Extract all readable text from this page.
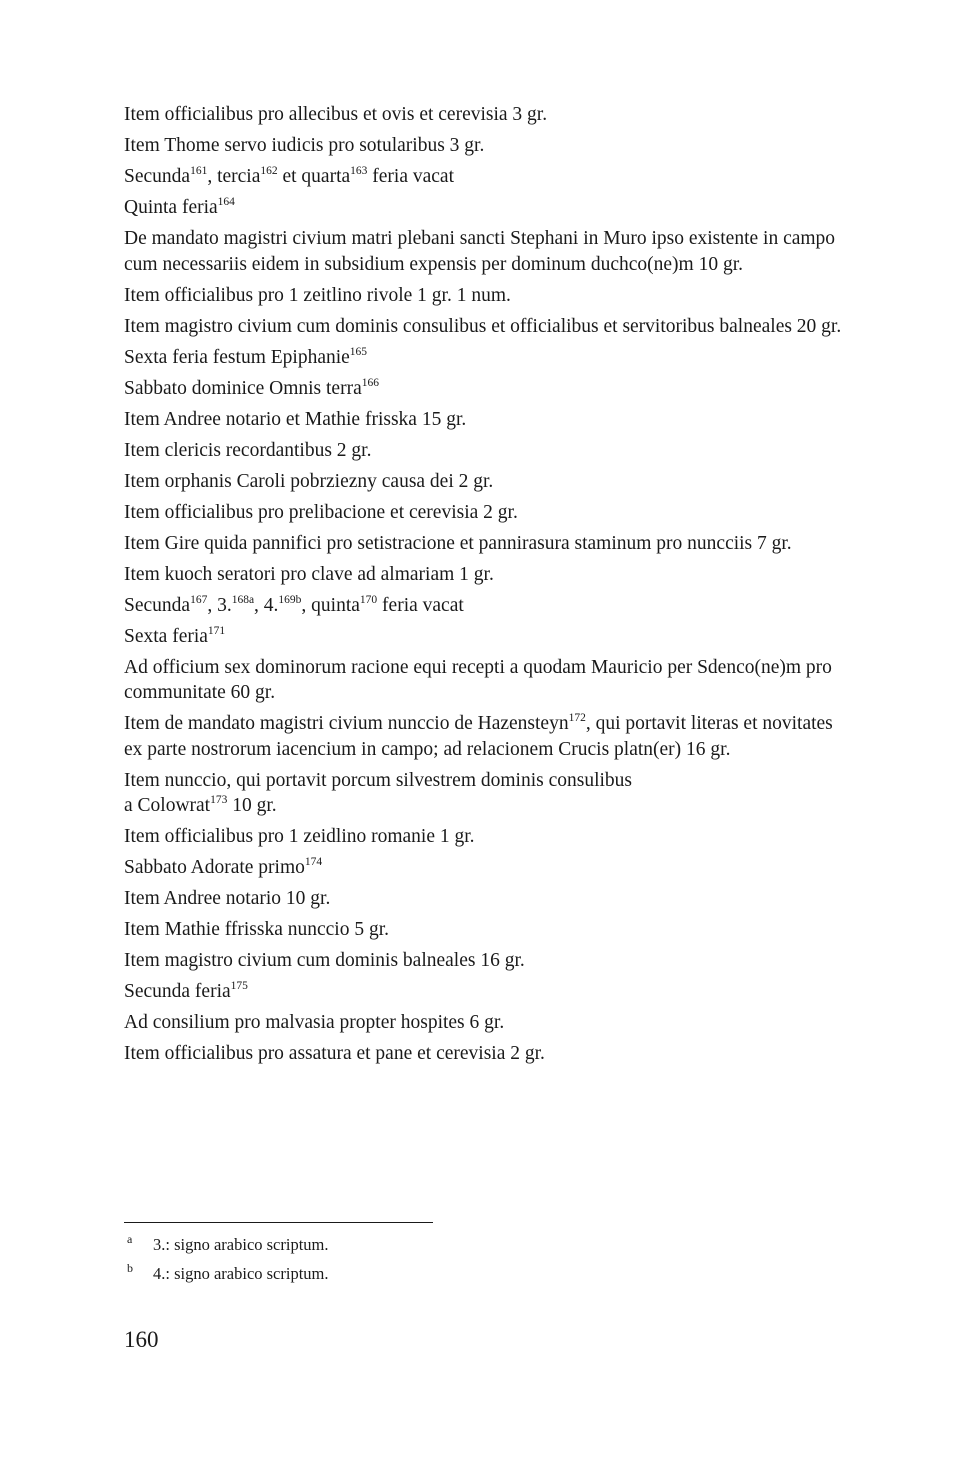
Item officialibus pro allecibus et ovis et cerevisia 3 gr.

Item Thome servo iudicis pro sotularibus 3 gr.

Secunda$^{161}$, tercia$^{162}$ et quarta$^{163}$ feria vacat

Quinta feria$^{164}$

De mandato magistri civium matri plebani sancti Stephani in Muro ipso existente in campo cum necessariis eidem in subsidium expensis per dominum duchco(ne)m 10 gr.

Item officialibus pro 1 zeitlino rivole 1 gr. 1 num.

Item magistro civium cum dominis consulibus et officialibus et servitoribus balneales 20 gr.

Sexta feria festum Epiphanie$^{165}$

Sabbato dominice Omnis terra$^{166}$

Item Andree notario et Mathie frisska 15 gr.

Item clericis recordantibus 2 gr.

Item orphanis Caroli pobrziezny causa dei 2 gr.

Item officialibus pro prelibacione et cerevisia 2 gr.

Item Gire quida pannifici pro setistracione et pannirasura staminum pro nuncciis 7 gr.

Item kuoch seratori pro clave ad almariam 1 gr.

Secunda$^{167}$, 3.$^{168a}$, 4.$^{169b}$, quinta$^{170}$ feria vacat

Sexta feria$^{171}$

Ad officium sex dominorum racione equi recepti a quodam Mauricio per Sdenco(ne)m pro communitate 60 gr.

Item de mandato magistri civium nunccio de Hazensteyn$^{172}$, qui portavit literas et novitates ex parte nostrorum iacencium in campo; ad relacionem Crucis platn(er) 16 gr.

Item nunccio, qui portavit porcum silvestrem dominis consulibus
a Colowrat$^{173}$ 10 gr.

Item officialibus pro 1 zeidlino romanie 1 gr.

Sabbato Adorate primo$^{174}$

Item Andree notario 10 gr.

Item Mathie ffrisska nunccio 5 gr.

Item magistro civium cum dominis balneales 16 gr.

Secunda feria$^{175}$

Ad consilium pro malvasia propter hospites 6 gr.

Item officialibus pro assatura et pane et cerevisia 2 gr.

a 3.: signo arabico scriptum.
b 4.: signo arabico scriptum.
160
